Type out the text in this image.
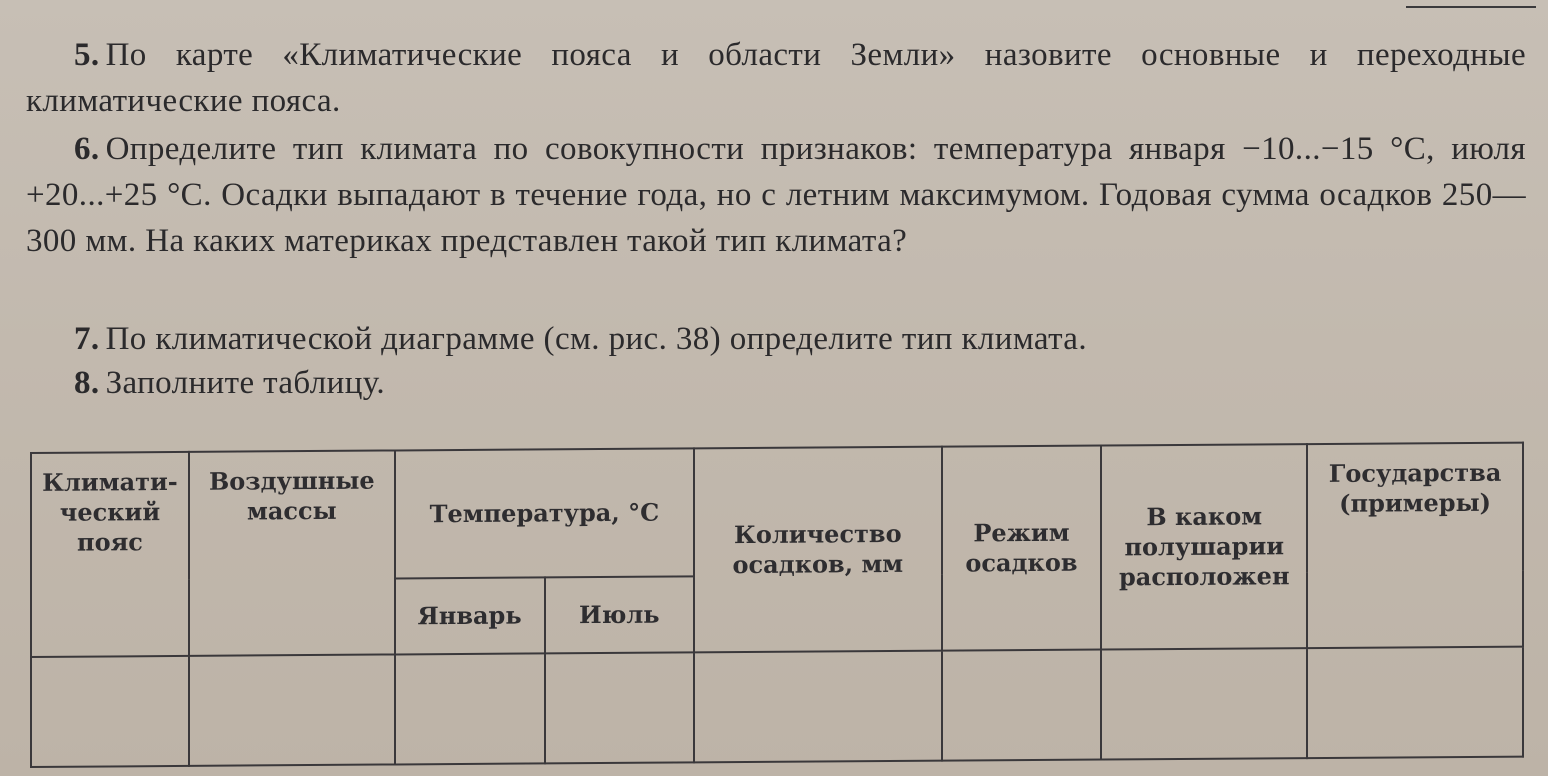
5. По карте «Климатические пояса и области Земли» назовите основные и переходные климатические пояса.

6. Определите тип климата по совокупности признаков: температура января −10...−15 °С, июля +20...+25 °С. Осадки выпадают в течение года, но с летним максимумом. Годовая сумма осадков 250—300 мм. На каких материках представлен такой тип климата?

7. По климатической диаграмме (см. рис. 38) определите тип климата.

8. Заполните таблицу.

Климати-ческий пояс	Воздушные массы	Температура, °С		Количество осадков, мм	Режим осадков	В каком полушарии расположен	Государства (примеры)
		Январь	Июль				
